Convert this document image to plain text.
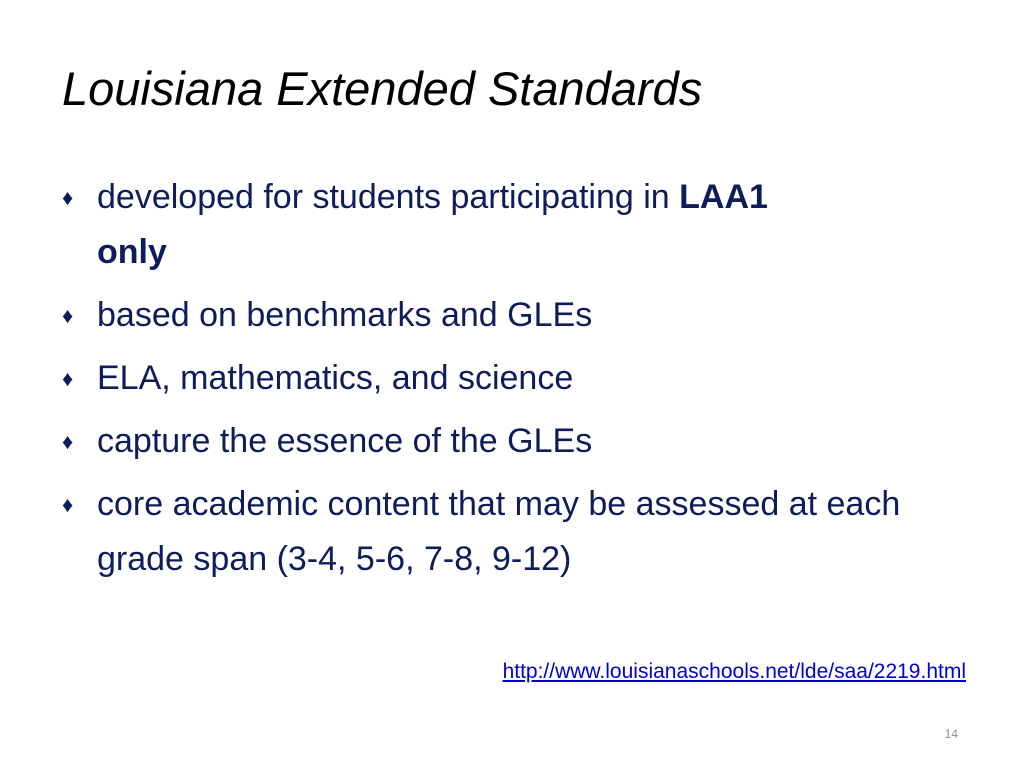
Louisiana Extended Standards
♦ developed for students participating in LAA1
only
♦ based on benchmarks and GLEs
♦ ELA, mathematics, and science
♦ capture the essence of the GLEs
♦ core academic content that may be assessed at each grade span (3-4, 5-6, 7-8, 9-12)
http://www.louisianaschools.net/lde/saa/2219.html
14
